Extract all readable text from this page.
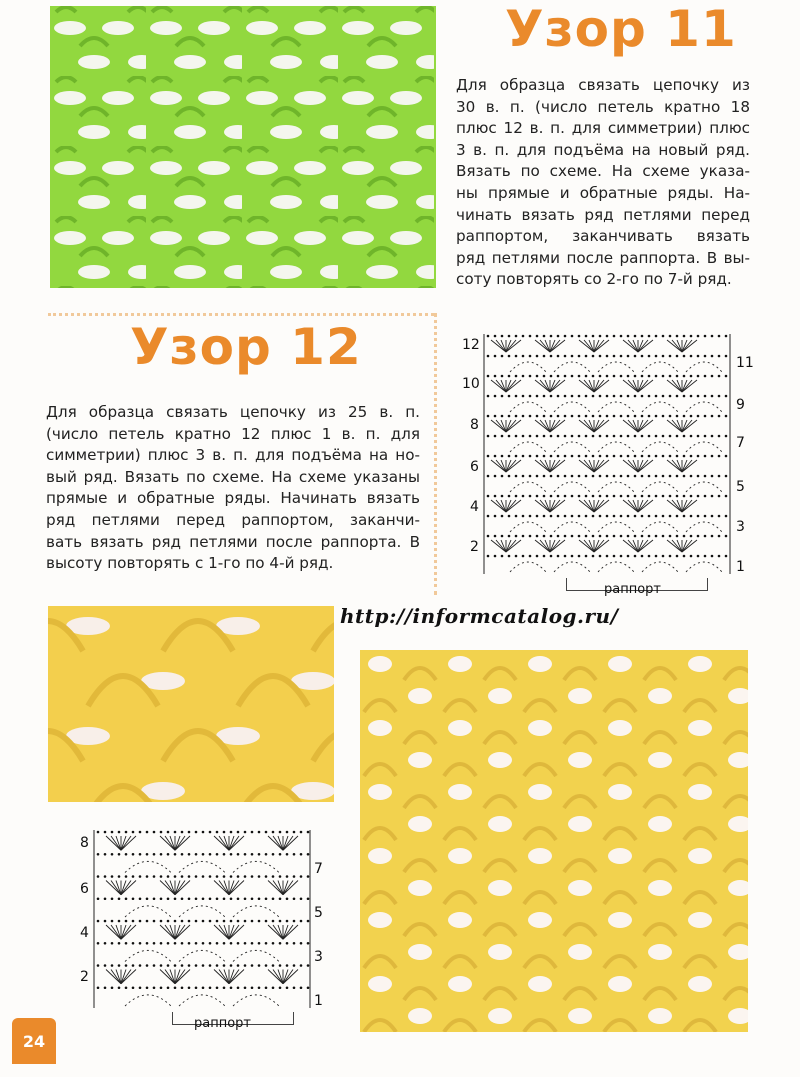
Узор 11
Для образца связать цепочку из
30 в. п. (число петель кратно 18
плюс 12 в. п. для симметрии) плюс
3 в. п. для подъёма на новый ряд.
Вязать по схеме. На схеме указа-
ны прямые и обратные ряды. На-
чинать вязать ряд петлями перед
раппортом, заканчивать вязать
ряд петлями после раппорта. В вы-
соту повторять со 2-го по 7-й ряд.
Узор 12
Для образца связать цепочку из 25 в. п.
(число петель кратно 12 плюс 1 в. п. для
симметрии) плюс 3 в. п. для подъёма на но-
вый ряд. Вязать по схеме. На схеме указаны
прямые и обратные ряды. Начинать вязать
ряд петлями перед раппортом, заканчи-
вать вязать ряд петлями после раппорта. В
высоту повторять с 1-го по 4-й ряд.
12
10
8
6
4
2
11
9
7
5
3
1
раппорт
http://informcatalog.ru/
8
6
4
2
7
5
3
1
раппорт
24
